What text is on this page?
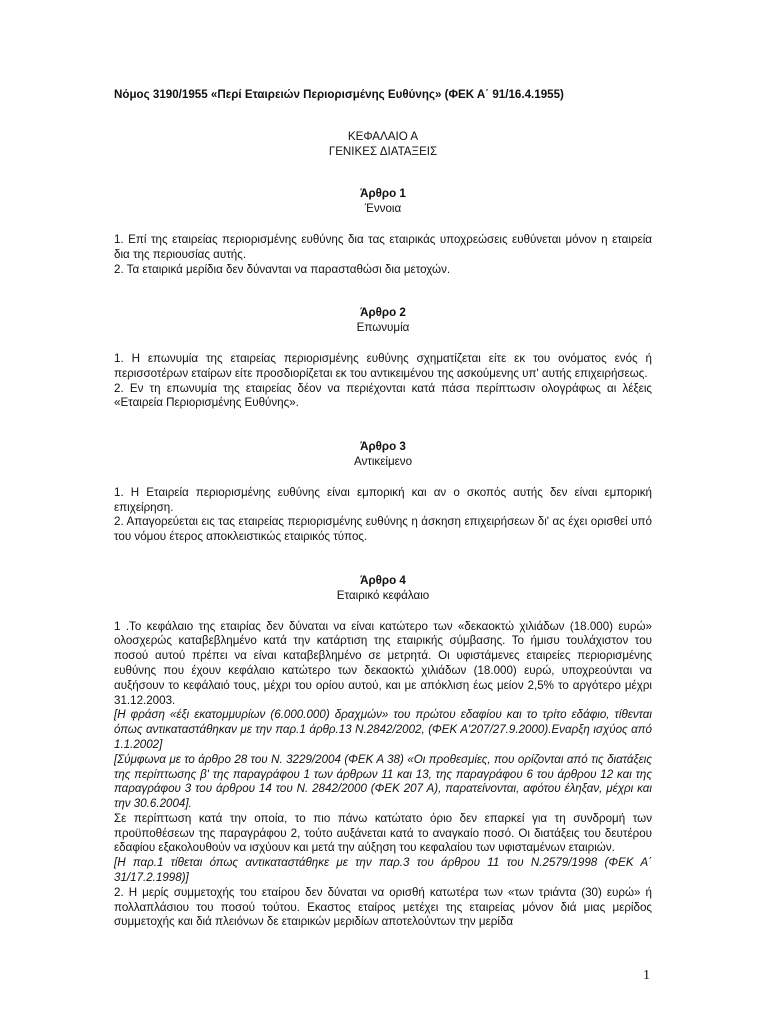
Νόμος 3190/1955 «Περί Εταιρειών Περιορισμένης Ευθύνης» (ΦΕΚ Α΄ 91/16.4.1955)
ΚΕΦΑΛΑΙΟ Α
ΓΕΝΙΚΕΣ ΔΙΑΤΑΞΕΙΣ
Άρθρο 1
Έννοια

1. Επί της εταιρείας περιορισμένης ευθύνης δια τας εταιρικάς υποχρεώσεις ευθύνεται μόνον η εταιρεία δια της περιουσίας αυτής.

2. Τα εταιρικά μερίδια δεν δύνανται να παρασταθώσι δια μετοχών.

Άρθρο 2
Επωνυμία

1. Η επωνυμία της εταιρείας περιορισμένης ευθύνης σχηματίζεται είτε εκ του ονόματος ενός ή περισσοτέρων εταίρων είτε προσδιορίζεται εκ του αντικειμένου της ασκούμενης υπ' αυτής επιχειρήσεως.

2. Εν τη επωνυμία της εταιρείας δέον να περιέχονται κατά πάσα περίπτωσιν ολογράφως αι λέξεις «Εταιρεία Περιορισμένης Ευθύνης».

Άρθρο 3
Αντικείμενο

1. Η Εταιρεία περιορισμένης ευθύνης είναι εμπορική και αν ο σκοπός αυτής δεν είναι εμπορική επιχείρηση.

2. Απαγορεύεται εις τας εταιρείας περιορισμένης ευθύνης η άσκηση επιχειρήσεων δι' ας έχει ορισθεί υπό του νόμου έτερος αποκλειστικώς εταιρικός τύπος.

Άρθρο 4
Εταιρικό κεφάλαιο

1 .Το κεφάλαιο της εταιρίας δεν δύναται να είναι κατώτερο των «δεκαοκτώ χιλιάδων (18.000) ευρώ» ολοσχερώς καταβεβλημένο κατά την κατάρτιση της εταιρικής σύμβασης. Το ήμισυ τουλάχιστον του ποσού αυτού πρέπει να είναι καταβεβλημένο σε μετρητά. Οι υφιστάμενες εταιρείες περιορισμένης ευθύνης που έχουν κεφάλαιο κατώτερο των δεκαοκτώ χιλιάδων (18.000) ευρώ, υποχρεούνται να αυξήσουν το κεφάλαιό τους, μέχρι του ορίου αυτού, και με απόκλιση έως μείον 2,5% το αργότερο μέχρι 31.12.2003.

[Η φράση «έξι εκατομμυρίων (6.000.000) δραχμών» του πρώτου εδαφίου και το τρίτο εδάφιο, τίθενται όπως αντικαταστάθηκαν με την παρ.1 άρθρ.13 Ν.2842/2002, (ΦΕΚ Α'207/27.9.2000).Εναρξη ισχύος από 1.1.2002]

[Σύμφωνα με το άρθρο 28 του Ν. 3229/2004 (ΦΕΚ Α 38) «Οι προθεσμίες, που ορίζονται από τις διατάξεις της περίπτωσης β' της παραγράφου 1 των άρθρων 11 και 13, της παραγράφου 6 του άρθρου 12 και της παραγράφου 3 του άρθρου 14 του Ν. 2842/2000 (ΦΕΚ 207 Α), παρατείνονται, αφότου έληξαν, μέχρι και την 30.6.2004].

Σε περίπτωση κατά την οποία, το πιο πάνω κατώτατο όριο δεν επαρκεί για τη συνδρομή των προϋποθέσεων της παραγράφου 2, τούτο αυξάνεται κατά το αναγκαίο ποσό. Οι διατάξεις του δευτέρου εδαφίου εξακολουθούν να ισχύουν και μετά την αύξηση του κεφαλαίου των υφισταμένων εταιριών.

[Η παρ.1 τίθεται όπως αντικαταστάθηκε με την παρ.3 του άρθρου 11 του Ν.2579/1998 (ΦΕΚ Α΄ 31/17.2.1998)]

2. Η μερίς συμμετοχής του εταίρου δεν δύναται να ορισθή κατωτέρα των «των τριάντα (30) ευρώ» ή πολλαπλάσιου του ποσού τούτου. Εκαστος εταίρος μετέχει της εταιρείας μόνον διά μιας μερίδος συμμετοχής και διά πλειόνων δε εταιρικών μεριδίων αποτελούντων την μερίδα

1
